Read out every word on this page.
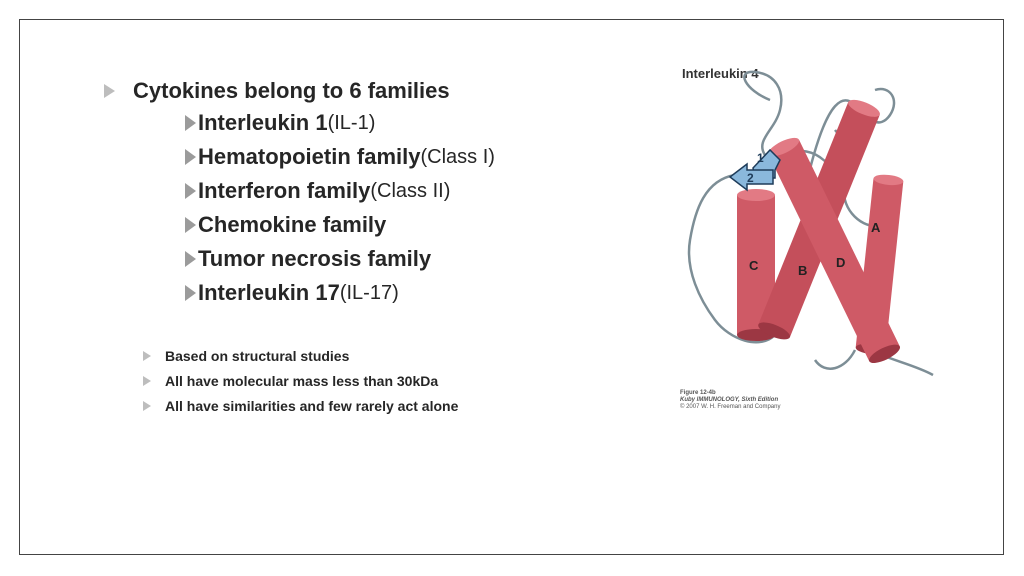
Cytokines belong to 6 families
Interleukin 1 (IL-1)
Hematopoietin family (Class I)
Interferon family (Class II)
Chemokine family
Tumor necrosis family
Interleukin 17 (IL-17)
Based on structural studies
All have molecular mass less than 30kDa
All have similarities and few rarely act alone
Interleukin 4
1
2
A
B
C	D
Figure 12-4b
Kuby IMMUNOLOGY, Sixth Edition
© 2007 W. H. Freeman and Company
